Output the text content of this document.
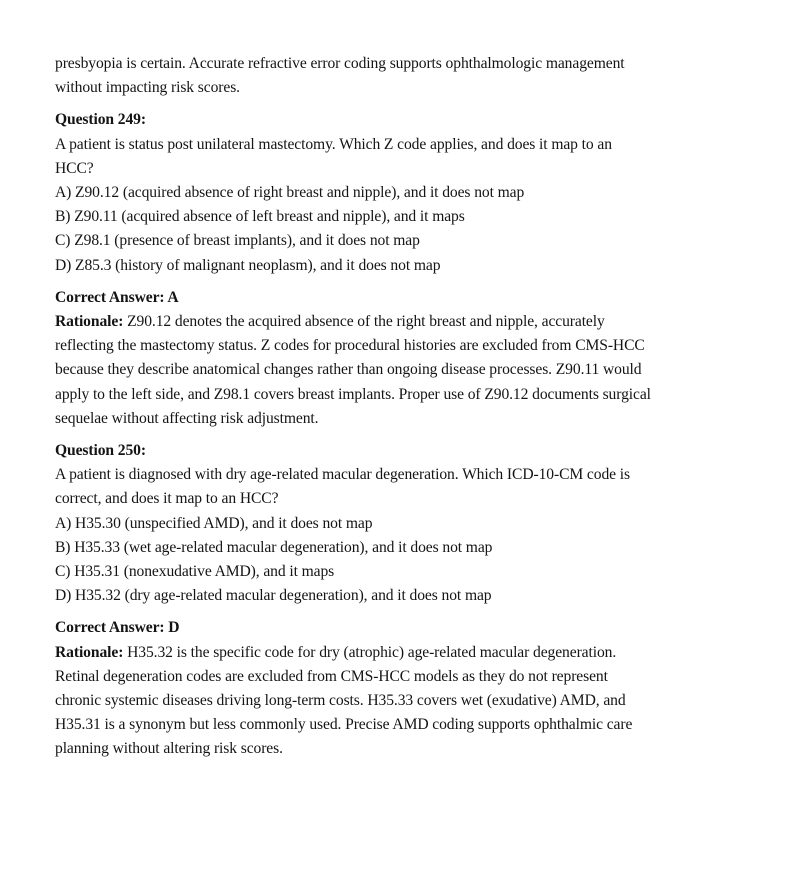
presbyopia is certain. Accurate refractive error coding supports ophthalmologic management
without impacting risk scores.
Question 249:
A patient is status post unilateral mastectomy. Which Z code applies, and does it map to an
HCC?
A) Z90.12 (acquired absence of right breast and nipple), and it does not map
B) Z90.11 (acquired absence of left breast and nipple), and it maps
C) Z98.1 (presence of breast implants), and it does not map
D) Z85.3 (history of malignant neoplasm), and it does not map
Correct Answer: A
Rationale: Z90.12 denotes the acquired absence of the right breast and nipple, accurately
reflecting the mastectomy status. Z codes for procedural histories are excluded from CMS-HCC
because they describe anatomical changes rather than ongoing disease processes. Z90.11 would
apply to the left side, and Z98.1 covers breast implants. Proper use of Z90.12 documents surgical
sequelae without affecting risk adjustment.
Question 250:
A patient is diagnosed with dry age-related macular degeneration. Which ICD-10-CM code is
correct, and does it map to an HCC?
A) H35.30 (unspecified AMD), and it does not map
B) H35.33 (wet age-related macular degeneration), and it does not map
C) H35.31 (nonexudative AMD), and it maps
D) H35.32 (dry age-related macular degeneration), and it does not map
Correct Answer: D
Rationale: H35.32 is the specific code for dry (atrophic) age-related macular degeneration.
Retinal degeneration codes are excluded from CMS-HCC models as they do not represent
chronic systemic diseases driving long-term costs. H35.33 covers wet (exudative) AMD, and
H35.31 is a synonym but less commonly used. Precise AMD coding supports ophthalmic care
planning without altering risk scores.
